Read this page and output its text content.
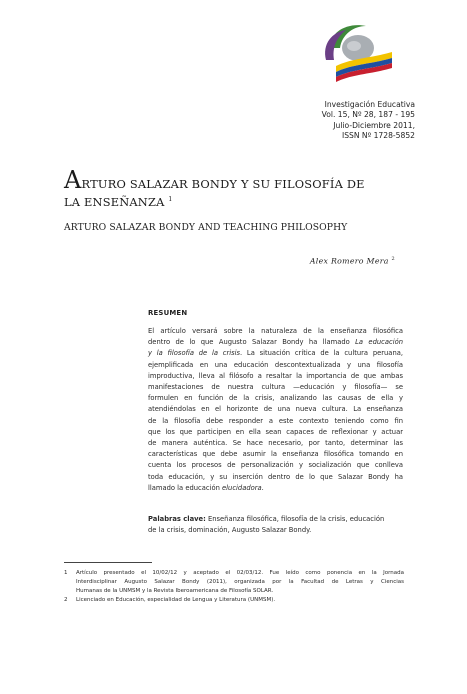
Investigación Educativa
Vol. 15, Nº 28, 187 - 195
Julio-Diciembre 2011,
ISSN Nº 1728-5852
ARTURO SALAZAR BONDY Y SU FILOSOFÍA DE
LA ENSEÑANZA $^1$
ARTURO SALAZAR BONDY AND TEACHING PHILOSOPHY
Alex Romero Mera $^2$
RESUMEN
El artículo versará sobre la naturaleza de la enseñanza filosófica
dentro de lo que Augusto Salazar Bondy ha llamado La educación
y la filosofía de la crisis. La situación crítica de la cultura peruana,
ejemplificada en una educación descontextualizada y una filosofía
improductiva, lleva al filósofo a resaltar la importancia de que ambas
manifestaciones de nuestra cultura —educación y filosofía— se
formulen en función de la crisis, analizando las causas de ella y
atendiéndolas en el horizonte de una nueva cultura. La enseñanza
de la filosofía debe responder a este contexto teniendo como fin
que los que participen en ella sean capaces de reflexionar y actuar
de manera auténtica. Se hace necesario, por tanto, determinar las
características que debe asumir la enseñanza filosófica tomando en
cuenta los procesos de personalización y socialización que conlleva
toda educación, y su inserción dentro de lo que Salazar Bondy ha
llamado la educación elucidadora.
Palabras clave: Enseñanza filosófica, filosofía de la crisis, educación
de la crisis, dominación, Augusto Salazar Bondy.
1	Artículo presentado el 10/02/12 y aceptado el 02/03/12. Fue leído como ponencia en la Jornada
Interdisciplinar Augusto Salazar Bondy (2011), organizada por la Facultad de Letras y Ciencias
Humanas de la UNMSM y la Revista Iberoamericana de Filosofía SOLAR.
2	Licenciado en Educación, especialidad de Lengua y Literatura (UNMSM).
